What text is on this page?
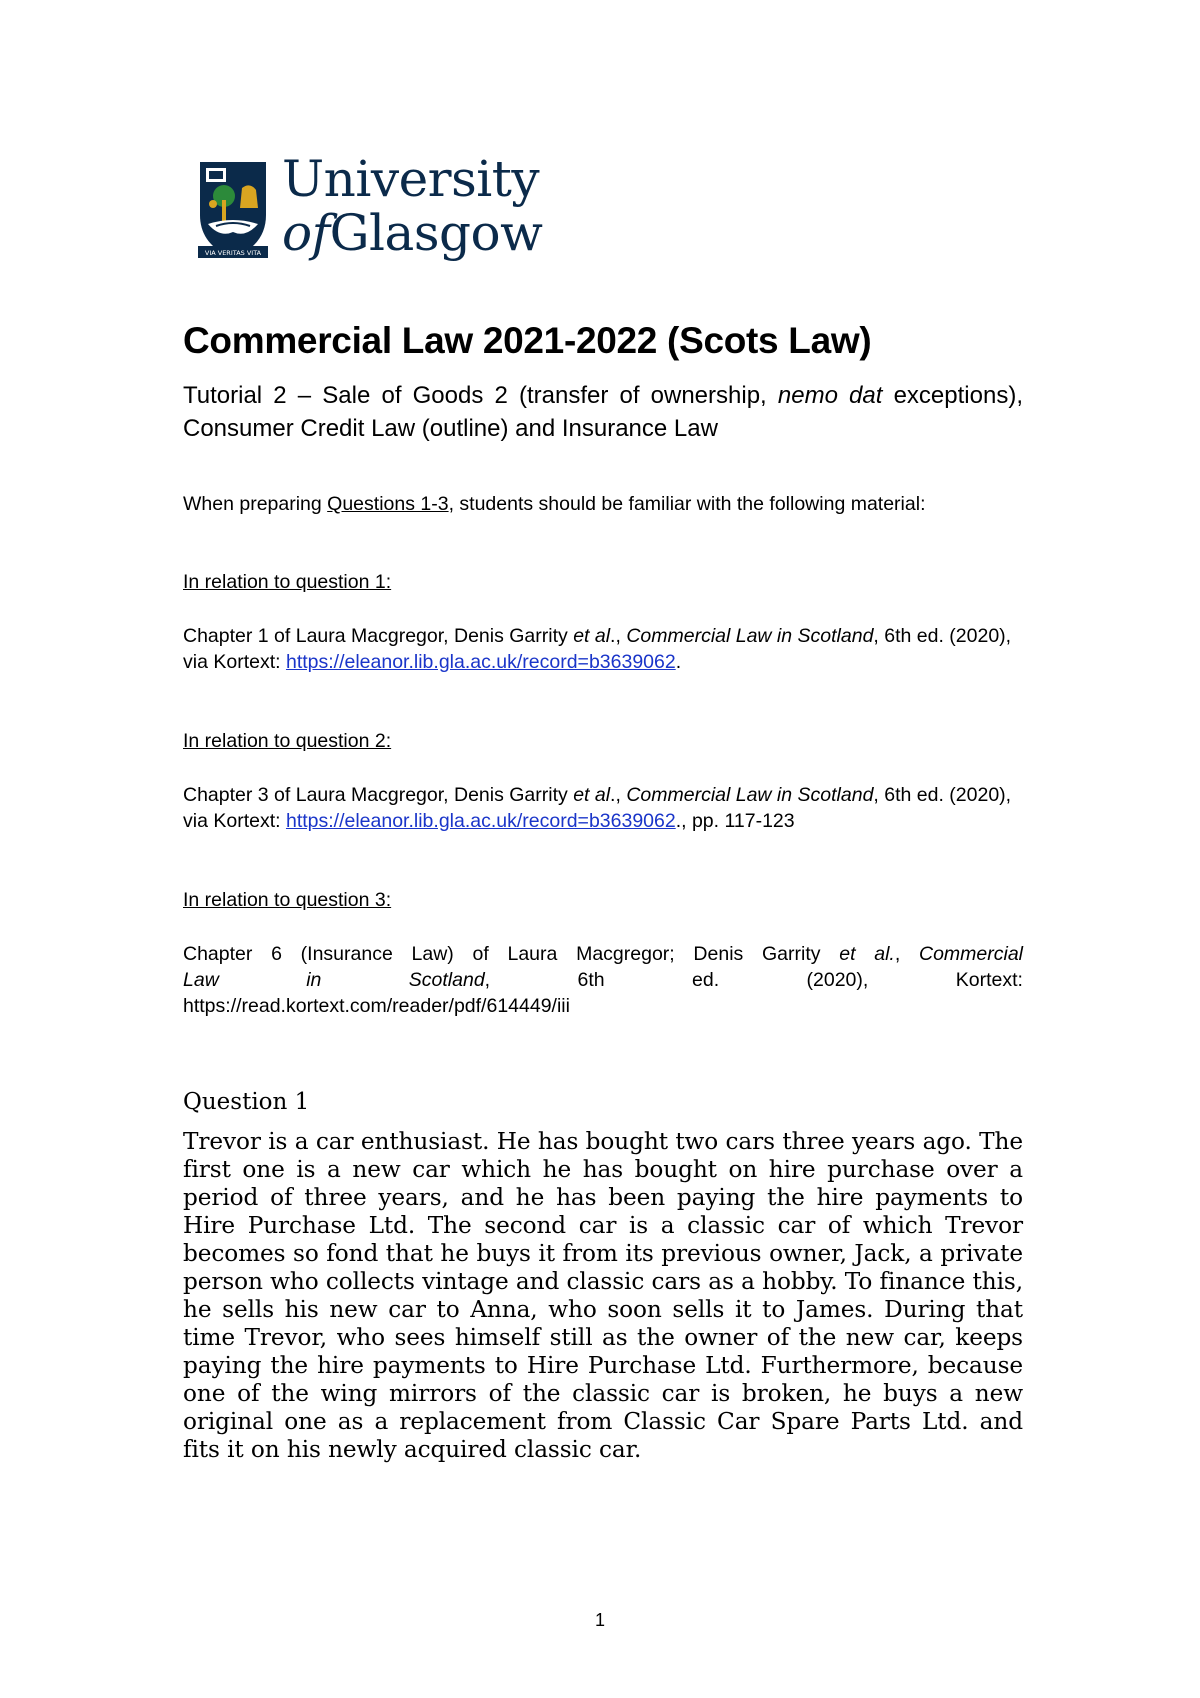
VIA VERITAS VITA
University
ofGlasgow
Commercial Law 2021-2022 (Scots Law)
Tutorial 2 – Sale of Goods 2 (transfer of ownership, nemo dat exceptions), Consumer Credit Law (outline) and Insurance Law
When preparing Questions 1-3, students should be familiar with the following material:
In relation to question 1:
Chapter 1 of Laura Macgregor, Denis Garrity et al., Commercial Law in Scotland, 6th ed. (2020), via Kortext: https://eleanor.lib.gla.ac.uk/record=b3639062.
In relation to question 2:
Chapter 3 of Laura Macgregor, Denis Garrity et al., Commercial Law in Scotland, 6th ed. (2020), via Kortext: https://eleanor.lib.gla.ac.uk/record=b3639062., pp. 117-123
In relation to question 3:
Chapter 6 (Insurance Law) of Laura Macgregor; Denis Garrity et al., Commercial
Law	in	Scotland,	6th	ed.	(2020),	Kortext:
https://read.kortext.com/reader/pdf/614449/iii
Question 1
Trevor is a car enthusiast. He has bought two cars three years ago. The first one is a new car which he has bought on hire purchase over a period of three years, and he has been paying the hire payments to Hire Purchase Ltd. The second car is a classic car of which Trevor becomes so fond that he buys it from its previous owner, Jack, a private person who collects vintage and classic cars as a hobby. To finance this, he sells his new car to Anna, who soon sells it to James. During that time Trevor, who sees himself still as the owner of the new car, keeps paying the hire payments to Hire Purchase Ltd. Furthermore, because one of the wing mirrors of the classic car is broken, he buys a new original one as a replacement from Classic Car Spare Parts Ltd. and fits it on his newly acquired classic car.
1
